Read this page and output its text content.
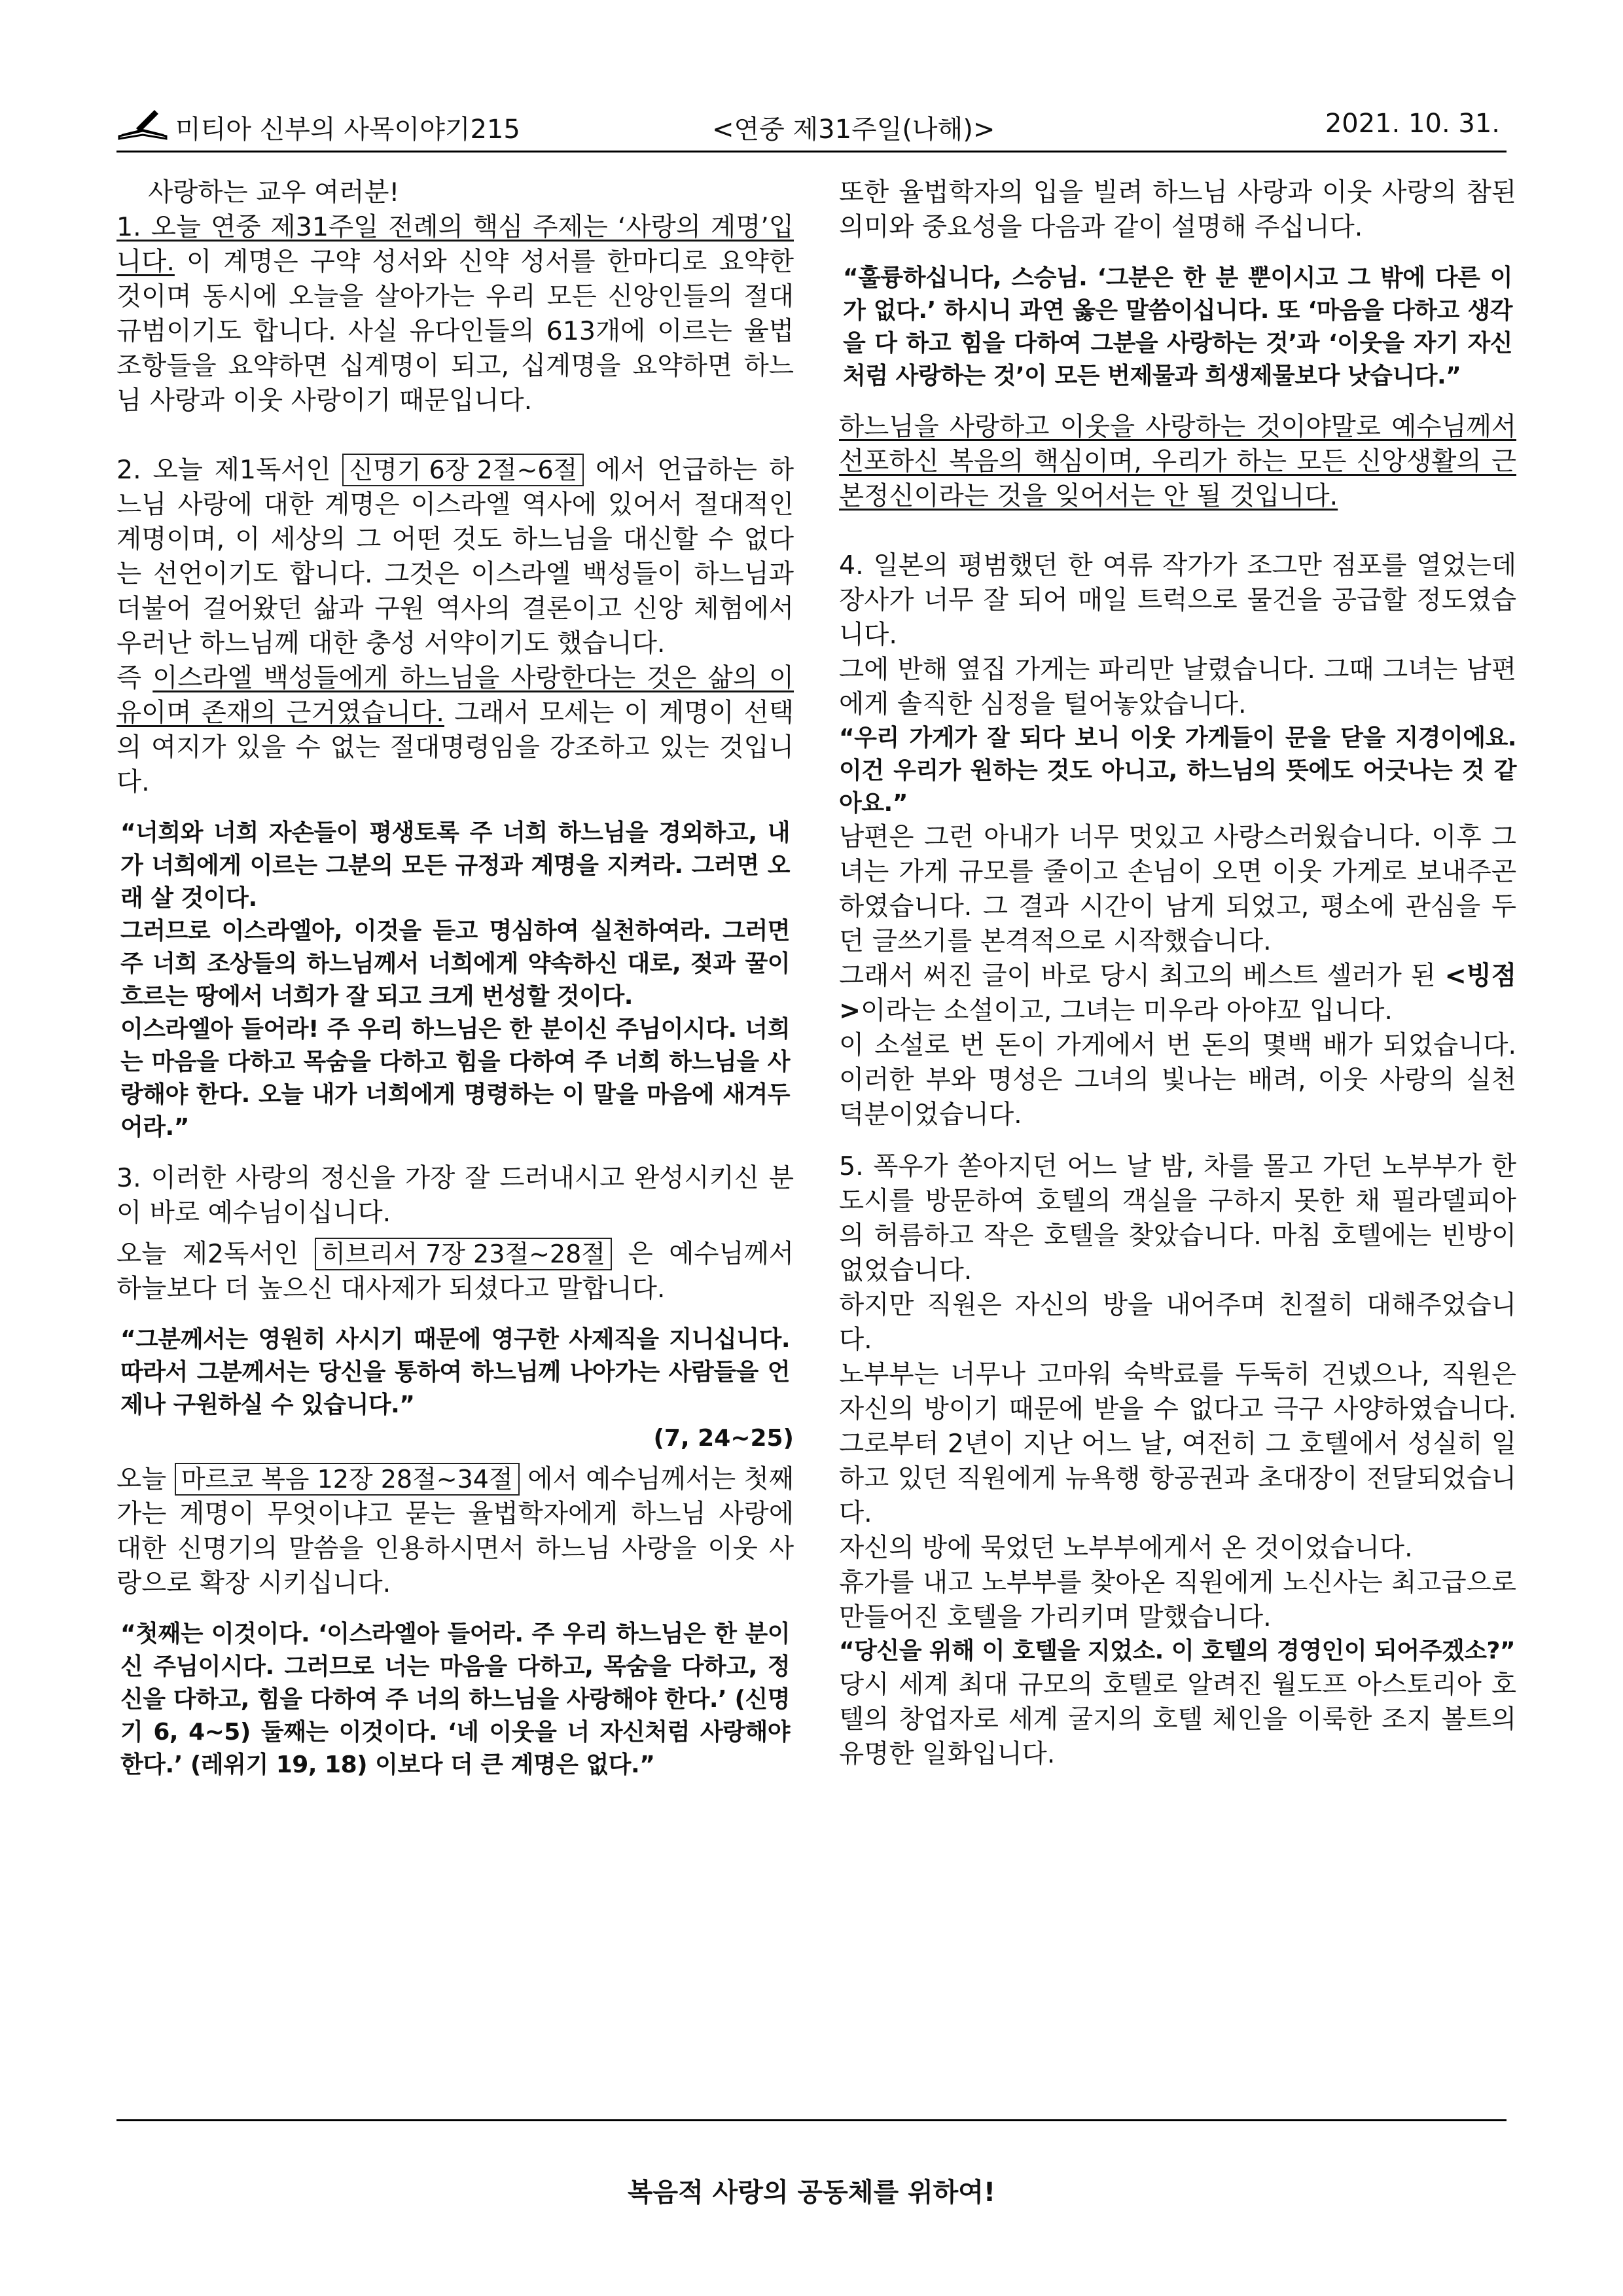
미티아 신부의 사목이야기215	<연중 제31주일(나해)>	2021. 10. 31.

사랑하는 교우 여러분!

1. 오늘 연중 제31주일 전례의 핵심 주제는 ‘사랑의 계명’입니다. 이 계명은 구약 성서와 신약 성서를 한마디로 요약한 것이며 동시에 오늘을 살아가는 우리 모든 신앙인들의 절대 규범이기도 합니다. 사실 유다인들의 613개에 이르는 율법 조항들을 요약하면 십계명이 되고, 십계명을 요약하면 하느님 사랑과 이웃 사랑이기 때문입니다.

2. 오늘 제1독서인 신명기 6장 2절∼6절 에서 언급하는 하느님 사랑에 대한 계명은 이스라엘 역사에 있어서 절대적인 계명이며, 이 세상의 그 어떤 것도 하느님을 대신할 수 없다는 선언이기도 합니다. 그것은 이스라엘 백성들이 하느님과 더불어 걸어왔던 삶과 구원 역사의 결론이고 신앙 체험에서 우러난 하느님께 대한 충성 서약이기도 했습니다.

즉 이스라엘 백성들에게 하느님을 사랑한다는 것은 삶의 이유이며 존재의 근거였습니다. 그래서 모세는 이 계명이 선택의 여지가 있을 수 없는 절대명령임을 강조하고 있는 것입니다.

“너희와 너희 자손들이 평생토록 주 너희 하느님을 경외하고, 내가 너희에게 이르는 그분의 모든 규정과 계명을 지켜라. 그러면 오래 살 것이다.

그러므로 이스라엘아, 이것을 듣고 명심하여 실천하여라. 그러면 주 너희 조상들의 하느님께서 너희에게 약속하신 대로, 젖과 꿀이 흐르는 땅에서 너희가 잘 되고 크게 번성할 것이다.

이스라엘아 들어라! 주 우리 하느님은 한 분이신 주님이시다. 너희는 마음을 다하고 목숨을 다하고 힘을 다하여 주 너희 하느님을 사랑해야 한다. 오늘 내가 너희에게 명령하는 이 말을 마음에 새겨두어라.”

3. 이러한 사랑의 정신을 가장 잘 드러내시고 완성시키신 분이 바로 예수님이십니다.

오늘 제2독서인 히브리서 7장 23절∼28절 은 예수님께서 하늘보다 더 높으신 대사제가 되셨다고 말합니다.

“그분께서는 영원히 사시기 때문에 영구한 사제직을 지니십니다. 따라서 그분께서는 당신을 통하여 하느님께 나아가는 사람들을 언제나 구원하실 수 있습니다.”

(7, 24∼25)

오늘 마르코 복음 12장 28절∼34절 에서 예수님께서는 첫째가는 계명이 무엇이냐고 묻는 율법학자에게 하느님 사랑에 대한 신명기의 말씀을 인용하시면서 하느님 사랑을 이웃 사랑으로 확장 시키십니다.

“첫째는 이것이다. ‘이스라엘아 들어라. 주 우리 하느님은 한 분이신 주님이시다. 그러므로 너는 마음을 다하고, 목숨을 다하고, 정신을 다하고, 힘을 다하여 주 너의 하느님을 사랑해야 한다.’ (신명기 6, 4∼5) 둘째는 이것이다. ‘네 이웃을 너 자신처럼 사랑해야 한다.’ (레위기 19, 18) 이보다 더 큰 계명은 없다.”

또한 율법학자의 입을 빌려 하느님 사랑과 이웃 사랑의 참된 의미와 중요성을 다음과 같이 설명해 주십니다.

“훌륭하십니다, 스승님. ‘그분은 한 분 뿐이시고 그 밖에 다른 이가 없다.’ 하시니 과연 옳은 말씀이십니다. 또 ‘마음을 다하고 생각을 다 하고 힘을 다하여 그분을 사랑하는 것’과 ‘이웃을 자기 자신처럼 사랑하는 것’이 모든 번제물과 희생제물보다 낫습니다.”

하느님을 사랑하고 이웃을 사랑하는 것이야말로 예수님께서 선포하신 복음의 핵심이며, 우리가 하는 모든 신앙생활의 근본정신이라는 것을 잊어서는 안 될 것입니다.

4. 일본의 평범했던 한 여류 작가가 조그만 점포를 열었는데 장사가 너무 잘 되어 매일 트럭으로 물건을 공급할 정도였습니다.

그에 반해 옆집 가게는 파리만 날렸습니다. 그때 그녀는 남편에게 솔직한 심정을 털어놓았습니다.

“우리 가게가 잘 되다 보니 이웃 가게들이 문을 닫을 지경이에요. 이건 우리가 원하는 것도 아니고, 하느님의 뜻에도 어긋나는 것 같아요.”

남편은 그런 아내가 너무 멋있고 사랑스러웠습니다. 이후 그녀는 가게 규모를 줄이고 손님이 오면 이웃 가게로 보내주곤 하였습니다. 그 결과 시간이 남게 되었고, 평소에 관심을 두던 글쓰기를 본격적으로 시작했습니다.

그래서 써진 글이 바로 당시 최고의 베스트 셀러가 된 <빙점>이라는 소설이고, 그녀는 미우라 아야꼬 입니다.

이 소설로 번 돈이 가게에서 번 돈의 몇백 배가 되었습니다. 이러한 부와 명성은 그녀의 빛나는 배려, 이웃 사랑의 실천 덕분이었습니다.

5. 폭우가 쏟아지던 어느 날 밤, 차를 몰고 가던 노부부가 한 도시를 방문하여 호텔의 객실을 구하지 못한 채 필라델피아의 허름하고 작은 호텔을 찾았습니다. 마침 호텔에는 빈방이 없었습니다.

하지만 직원은 자신의 방을 내어주며 친절히 대해주었습니다.

노부부는 너무나 고마워 숙박료를 두둑히 건넸으나, 직원은 자신의 방이기 때문에 받을 수 없다고 극구 사양하였습니다. 그로부터 2년이 지난 어느 날, 여전히 그 호텔에서 성실히 일하고 있던 직원에게 뉴욕행 항공권과 초대장이 전달되었습니다.

자신의 방에 묵었던 노부부에게서 온 것이었습니다.

휴가를 내고 노부부를 찾아온 직원에게 노신사는 최고급으로 만들어진 호텔을 가리키며 말했습니다.

“당신을 위해 이 호텔을 지었소. 이 호텔의 경영인이 되어주겠소?”

당시 세계 최대 규모의 호텔로 알려진 월도프 아스토리아 호텔의 창업자로 세계 굴지의 호텔 체인을 이룩한 조지 볼트의 유명한 일화입니다.

복음적 사랑의 공동체를 위하여!
